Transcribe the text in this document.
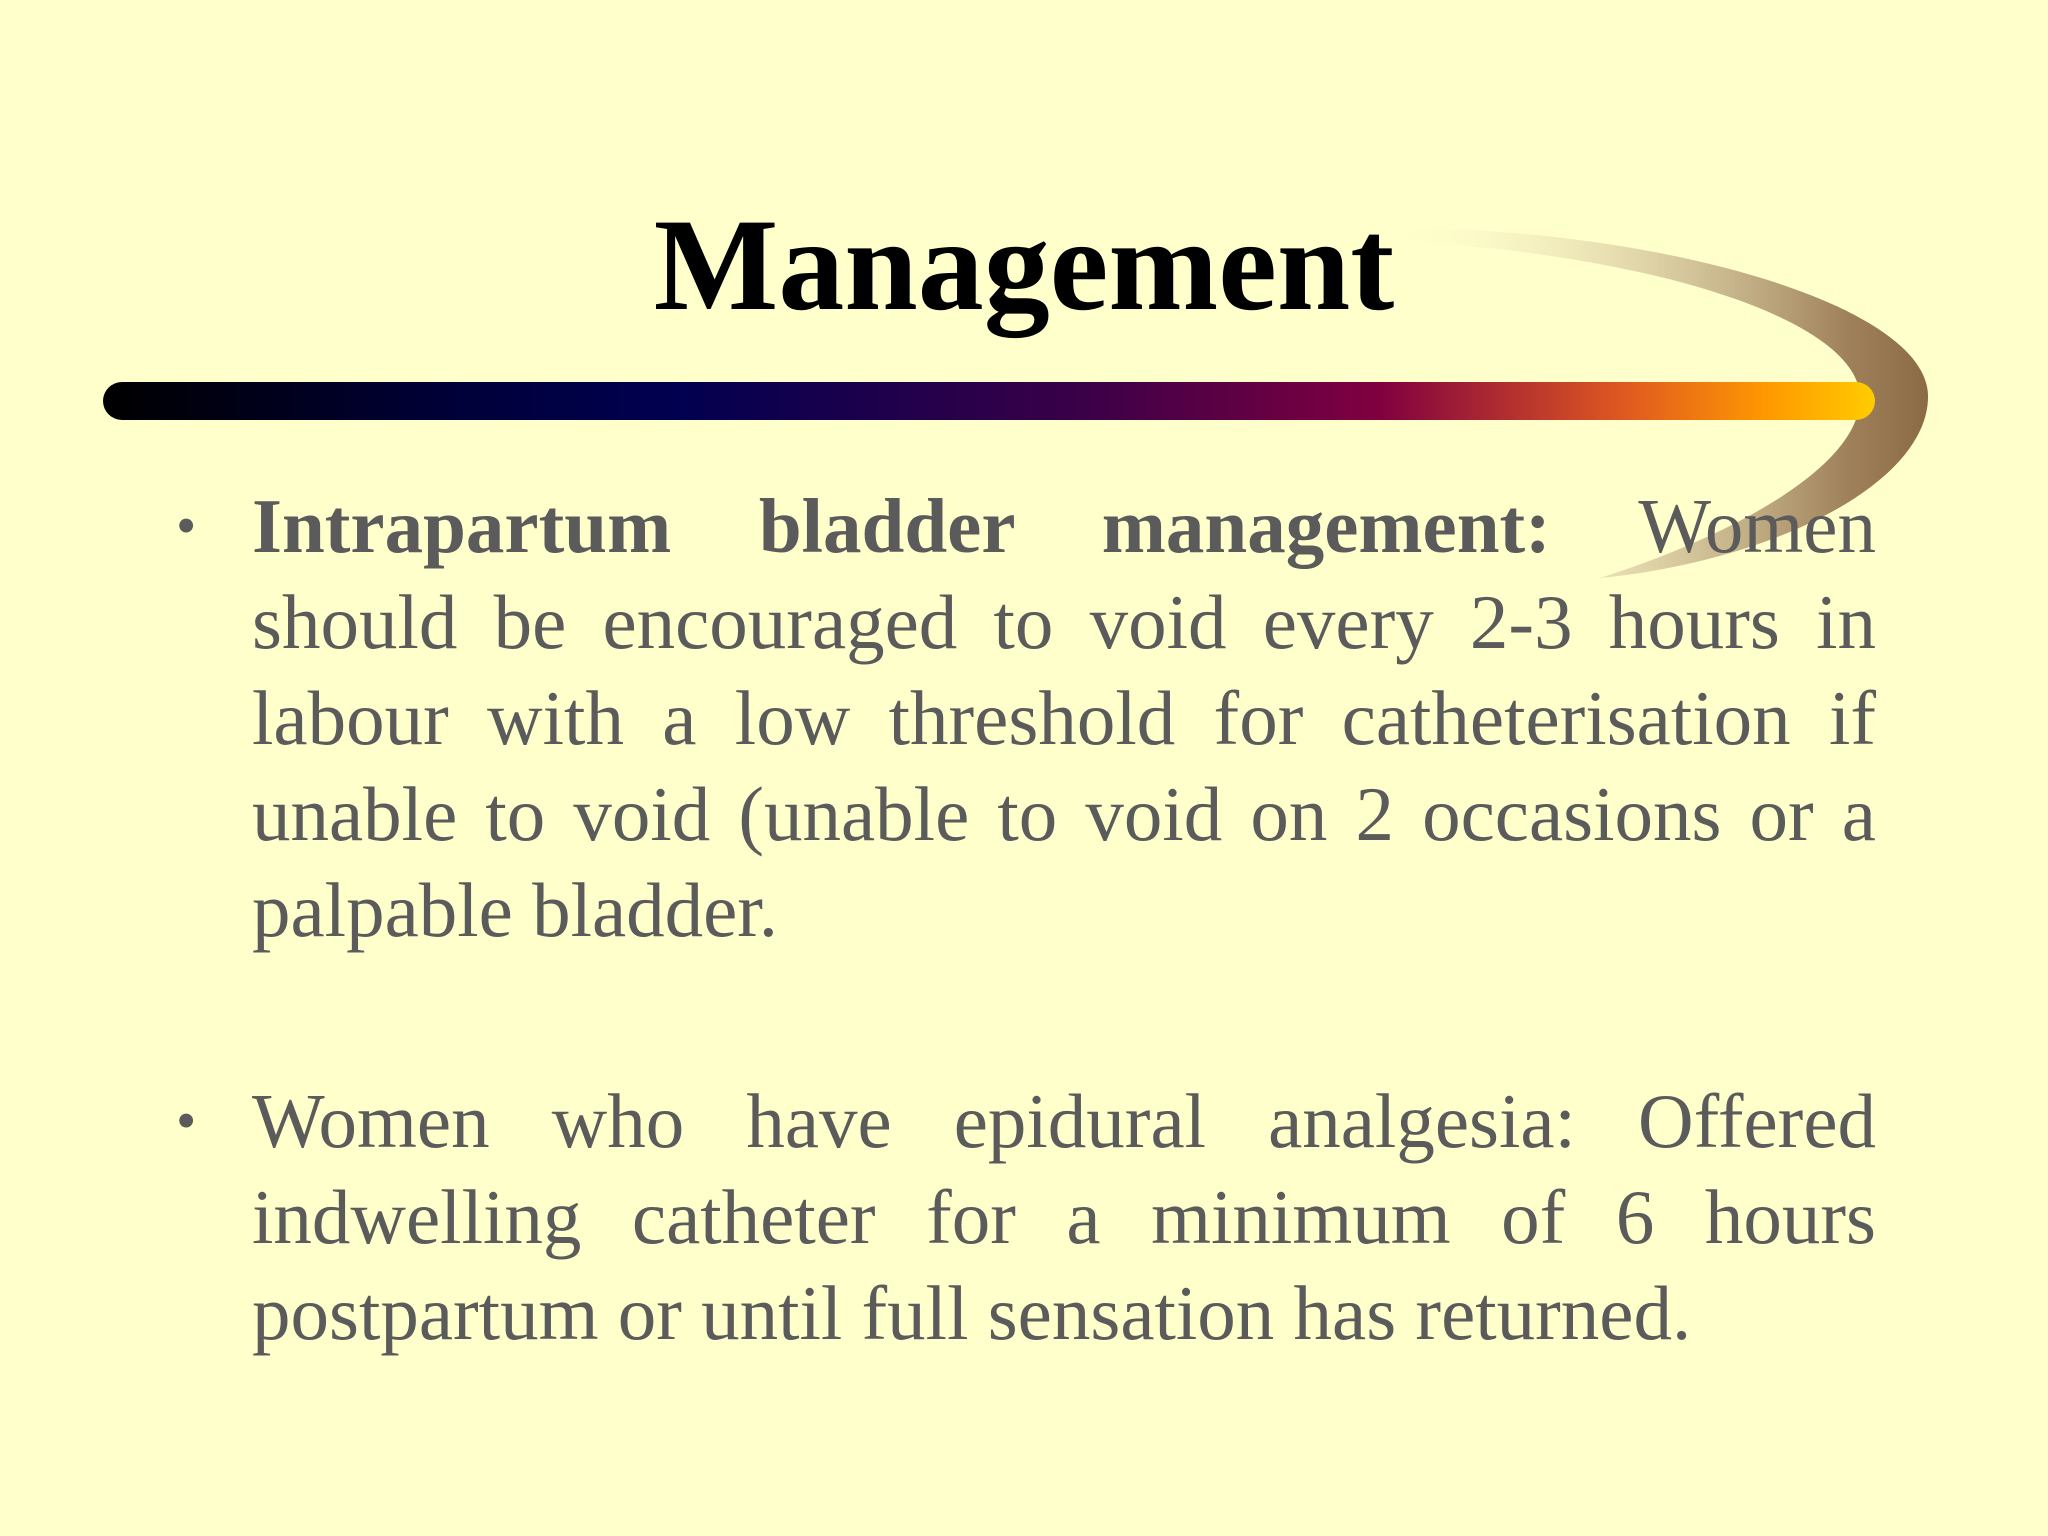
Management
• Intrapartum bladder management: Women should be encouraged to void every 2-3 hours in labour with a low threshold for catheterisation if unable to void (unable to void on 2 occasions or a palpable bladder.
• Women who have epidural analgesia: Offered indwelling catheter for a minimum of 6 hours postpartum or until full sensation has returned.
